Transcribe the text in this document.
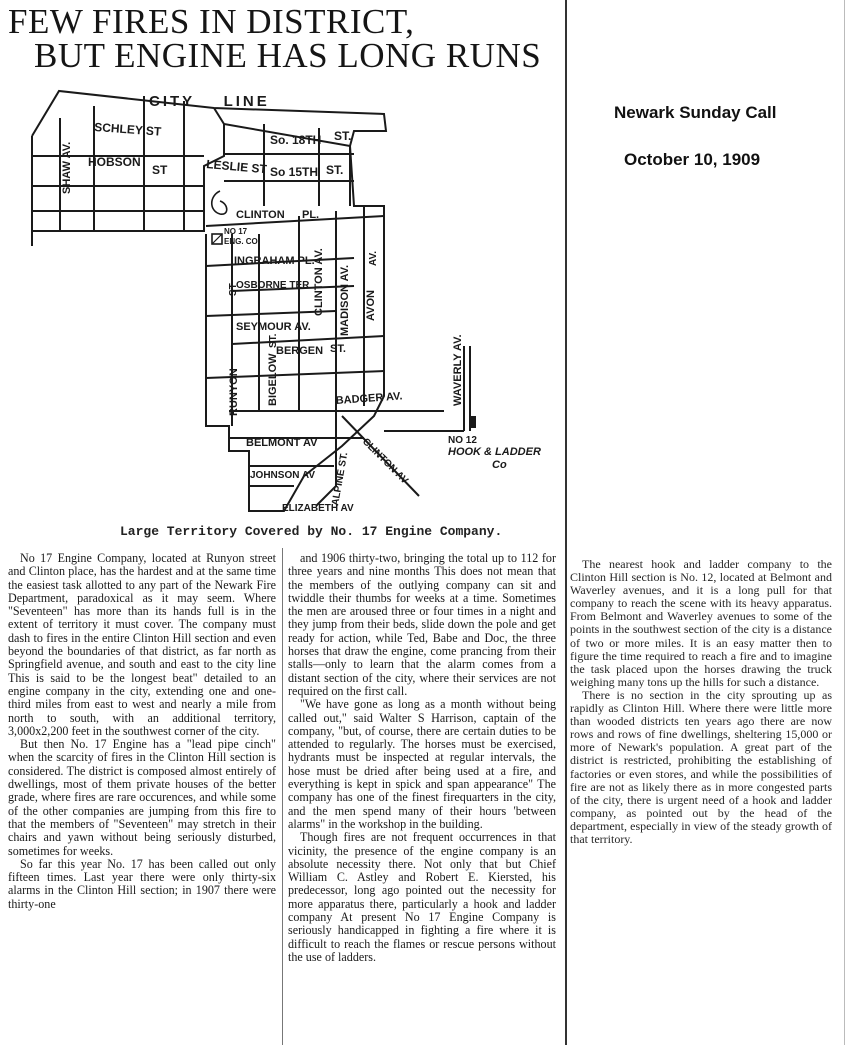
FEW FIRES IN DISTRICT,
BUT ENGINE HAS LONG RUNS
Newark Sunday Call
October 10, 1909
CITY    LINE
SCHLEY ST
HOBSON
ST
SHAW AV.
So. 18TH ST.
LESLIE ST So 15TH ST.
CLINTON PL.
NO 17
ENG. CO
INGRAHAM PL.
OSBORNE TER
SEYMOUR AV.
BERGEN ST.
BADGER AV.
BELMONT AV
JOHNSON AV
ELIZABETH AV
RUNYON BIGELOW
ST.
ST	CLINTON AV. MADISON AV. AVON
AV.
WAVERLY AV.
ALPINE ST. CLINTON AV	NO 12
HOOK & LADDER
Co

Large Territory Covered by No. 17 Engine Company.

No 17 Engine Company, located at Runyon street and Clinton place, has the hardest and at the same time the easiest task allotted to any part of the Newark Fire Department, paradoxical as it may seem. Where "Seventeen" has more than its hands full is in the extent of territory it must cover. The company must dash to fires in the entire Clinton Hill section and even beyond the boundaries of that district, as far north as Springfield avenue, and south and east to the city line This is said to be the longest beat" detailed to an engine company in the city, extending one and one-third miles from east to west and nearly a mile from north to south, with an additional territory, 3,000x2,200 feet in the southwest corner of the city.

But then No. 17 Engine has a "lead pipe cinch" when the scarcity of fires in the Clinton Hill section is considered. The district is composed almost entirely of dwellings, most of them private houses of the better grade, where fires are rare occurences, and while some of the other companies are jumping from this fire to that the members of "Seventeen" may stretch in their chairs and yawn without being seriously disturbed, sometimes for weeks.

So far this year No. 17 has been called out only fifteen times. Last year there were only thirty-six alarms in the Clinton Hill section; in 1907 there were thirty-one

and 1906 thirty-two, bringing the total up to 112 for three years and nine months This does not mean that the members of the outlying company can sit and twiddle their thumbs for weeks at a time. Sometimes the men are aroused three or four times in a night and they jump from their beds, slide down the pole and get ready for action, while Ted, Babe and Doc, the three horses that draw the engine, come prancing from their stalls—only to learn that the alarm comes from a distant section of the city, where their services are not required on the first call.

"We have gone as long as a month without being called out," said Walter S Harrison, captain of the company, "but, of course, there are certain duties to be attended to regularly. The horses must be exercised, hydrants must be inspected at regular intervals, the hose must be dried after being used at a fire, and everything is kept in spick and span appearance" The company has one of the finest firequarters in the city, and the men spend many of their hours 'between alarms" in the workshop in the building.

Though fires are not frequent occurrences in that vicinity, the presence of the engine company is an absolute necessity there. Not only that but Chief William C. Astley and Robert E. Kiersted, his predecessor, long ago pointed out the necessity for more apparatus there, particularly a hook and ladder company At present No 17 Engine Company is seriously handicapped in fighting a fire where it is difficult to reach the flames or rescue persons without the use of ladders.

The nearest hook and ladder company to the Clinton Hill section is No. 12, located at Belmont and Waverley avenues, and it is a long pull for that company to reach the scene with its heavy apparatus. From Belmont and Waverley avenues to some of the points in the southwest section of the city is a distance of two or more miles. It is an easy matter then to figure the time required to reach a fire and to imagine the task placed upon the horses drawing the truck weighing many tons up the hills for such a distance.

There is no section in the city sprouting up as rapidly as Clinton Hill. Where there were little more than wooded districts ten years ago there are now rows and rows of fine dwellings, sheltering 15,000 or more of Newark's population. A great part of the district is restricted, prohibiting the establishing of factories or even stores, and while the possibilities of fire are not as likely there as in more congested parts of the city, there is urgent need of a hook and ladder company, as pointed out by the head of the department, especially in view of the steady growth of that territory.
